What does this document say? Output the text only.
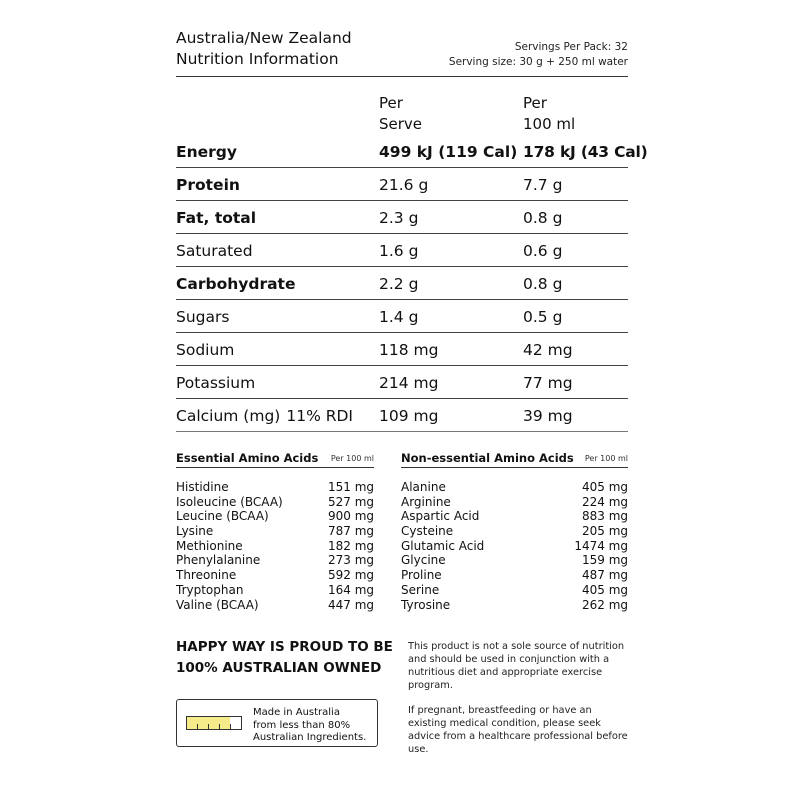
Australia/New Zealand
Nutrition Information
Servings Per Pack: 32
Serving size: 30 g + 250 ml water
Per
Serve
Per
100 ml
Energy	499 kJ (119 Cal) 178 kJ (43 Cal)
Protein	21.6 g	7.7 g
Fat, total	2.3 g	0.8 g
Saturated	1.6 g	0.6 g
Carbohydrate	2.2 g	0.8 g
Sugars	1.4 g	0.5 g
Sodium	118 mg	42 mg
Potassium	214 mg	77 mg
Calcium (mg) 11% RDI 109 mg	39 mg
Essential Amino Acids Per 100 ml
Histidine	151 mg
Isoleucine (BCAA)	527 mg
Leucine (BCAA)	900 mg
Lysine	787 mg
Methionine	182 mg
Phenylalanine	273 mg
Threonine	592 mg
Tryptophan	164 mg
Valine (BCAA)	447 mg
Non-essential Amino Acids Per 100 ml
Alanine	405 mg
Arginine	224 mg
Aspartic Acid	883 mg
Cysteine	205 mg
Glutamic Acid	1474 mg
Glycine	159 mg
Proline	487 mg
Serine	405 mg
Tyrosine	262 mg
HAPPY WAY IS PROUD TO BE
100% AUSTRALIAN OWNED

This product is not a sole source of nutrition and should be used in conjunction with a nutritious diet and appropriate exercise program.

If pregnant, breastfeeding or have an existing medical condition, please seek advice from a healthcare professional before use.

Made in Australia
from less than 80%
Australian Ingredients.
